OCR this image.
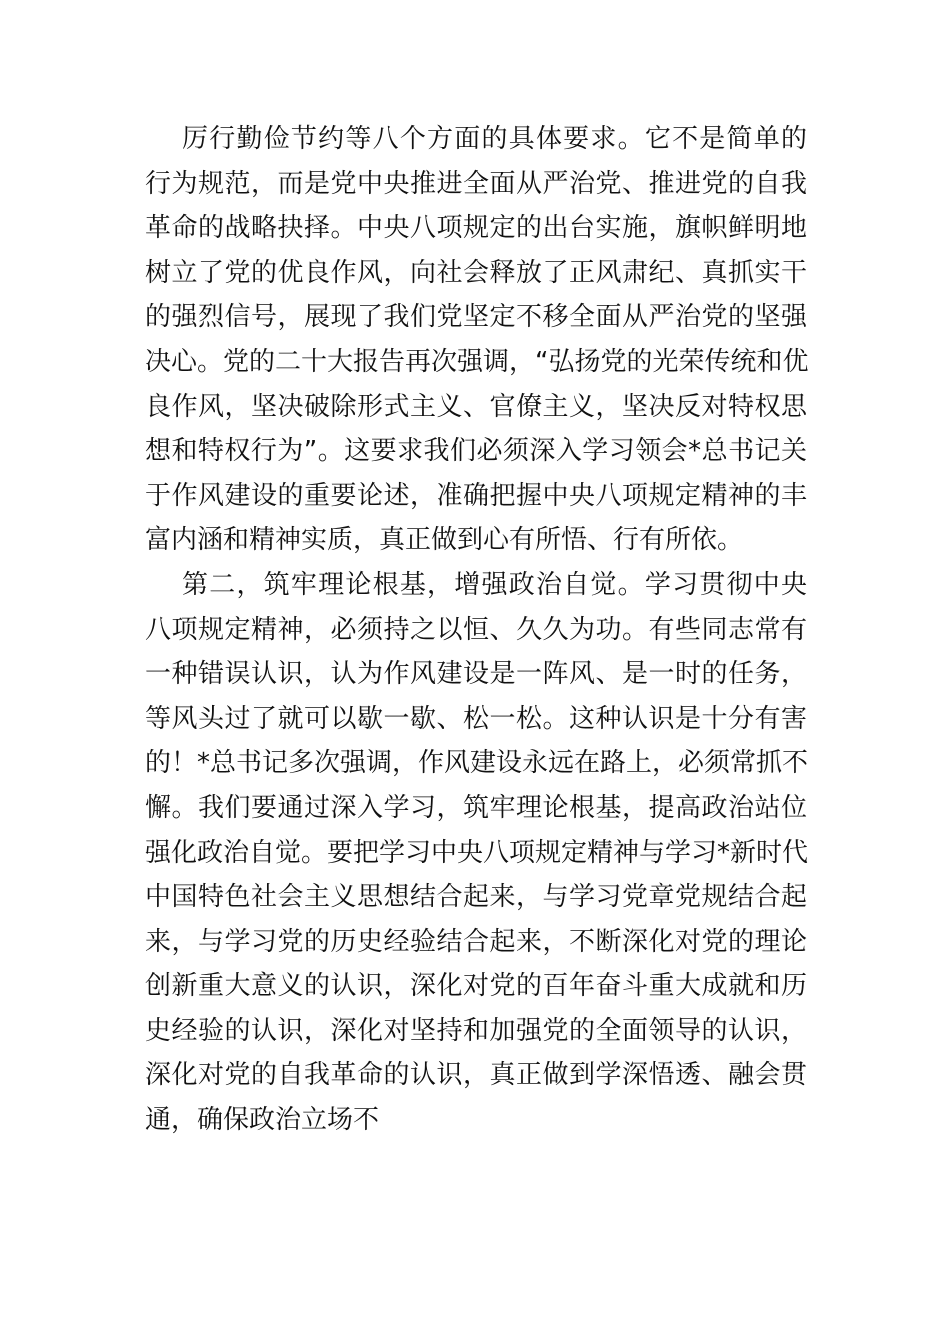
厉行勤俭节约等八个方面的具体要求。它不是简单的
行为规范，而是党中央推进全面从严治党、推进党的自我
革命的战略抉择。中央八项规定的出台实施，旗帜鲜明地
树立了党的优良作风，向社会释放了正风肃纪、真抓实干
的强烈信号，展现了我们党坚定不移全面从严治党的坚强
决心。党的二十大报告再次强调，“弘扬党的光荣传统和优
良作风，坚决破除形式主义、官僚主义，坚决反对特权思
想和特权行为”。这要求我们必须深入学习领会*总书记关
于作风建设的重要论述，准确把握中央八项规定精神的丰
富内涵和精神实质，真正做到心有所悟、行有所依。
第二，筑牢理论根基，增强政治自觉。学习贯彻中央
八项规定精神，必须持之以恒、久久为功。有些同志常有
一种错误认识，认为作风建设是一阵风、是一时的任务，
等风头过了就可以歇一歇、松一松。这种认识是十分有害
的！*总书记多次强调，作风建设永远在路上，必须常抓不
懈。我们要通过深入学习，筑牢理论根基，提高政治站位
强化政治自觉。要把学习中央八项规定精神与学习*新时代
中国特色社会主义思想结合起来，与学习党章党规结合起
来，与学习党的历史经验结合起来，不断深化对党的理论
创新重大意义的认识，深化对党的百年奋斗重大成就和历
史经验的认识，深化对坚持和加强党的全面领导的认识，
深化对党的自我革命的认识，真正做到学深悟透、融会贯
通，确保政治立场不
